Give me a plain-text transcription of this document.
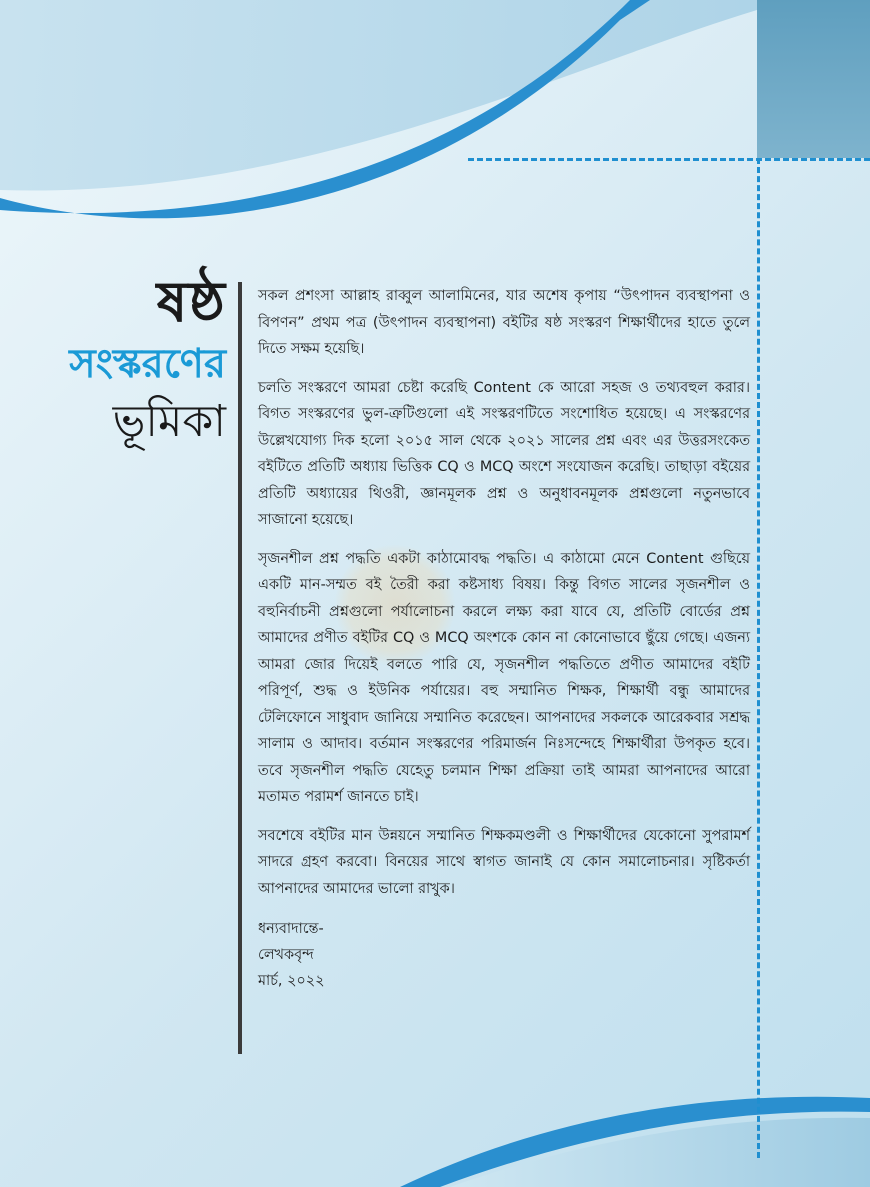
ষষ্ঠ
সংস্করণের
ভূমিকা

সকল প্রশংসা আল্লাহ রাব্বুল আলামিনের, যার অশেষ কৃপায় “উৎপাদন ব্যবস্থাপনা ও বিপণন” প্রথম পত্র (উৎপাদন ব্যবস্থাপনা) বইটির ষষ্ঠ সংস্করণ শিক্ষার্থীদের হাতে তুলে দিতে সক্ষম হয়েছি।

চলতি সংস্করণে আমরা চেষ্টা করেছি Content কে আরো সহজ ও তথ্যবহুল করার। বিগত সংস্করণের ভুল-ত্রুটিগুলো এই সংস্করণটিতে সংশোধিত হয়েছে। এ সংস্করণের উল্লেখযোগ্য দিক হলো ২০১৫ সাল থেকে ২০২১ সালের প্রশ্ন এবং এর উত্তরসংকেত বইটিতে প্রতিটি অধ্যায় ভিত্তিক CQ ও MCQ অংশে সংযোজন করেছি। তাছাড়া বইয়ের প্রতিটি অধ্যায়ের থিওরী, জ্ঞানমূলক প্রশ্ন ও অনুধাবনমূলক প্রশ্নগুলো নতুনভাবে সাজানো হয়েছে।

সৃজনশীল প্রশ্ন পদ্ধতি একটা কাঠামোবদ্ধ পদ্ধতি। এ কাঠামো মেনে Content গুছিয়ে একটি মান-সম্মত বই তৈরী করা কষ্টসাধ্য বিষয়। কিন্তু বিগত সালের সৃজনশীল ও বহুনির্বাচনী প্রশ্নগুলো পর্যালোচনা করলে লক্ষ্য করা যাবে যে, প্রতিটি বোর্ডের প্রশ্ন আমাদের প্রণীত বইটির CQ ও MCQ অংশকে কোন না কোনোভাবে ছুঁয়ে গেছে। এজন্য আমরা জোর দিয়েই বলতে পারি যে, সৃজনশীল পদ্ধতিতে প্রণীত আমাদের বইটি পরিপূর্ণ, শুদ্ধ ও ইউনিক পর্যায়ের। বহু সম্মানিত শিক্ষক, শিক্ষার্থী বন্ধু আমাদের টেলিফোনে সাধুবাদ জানিয়ে সম্মানিত করেছেন। আপনাদের সকলকে আরেকবার সশ্রদ্ধ সালাম ও আদাব। বর্তমান সংস্করণের পরিমার্জন নিঃসন্দেহে শিক্ষার্থীরা উপকৃত হবে। তবে সৃজনশীল পদ্ধতি যেহেতু চলমান শিক্ষা প্রক্রিয়া তাই আমরা আপনাদের আরো মতামত পরামর্শ জানতে চাই।

সবশেষে বইটির মান উন্নয়নে সম্মানিত শিক্ষকমণ্ডলী ও শিক্ষার্থীদের যেকোনো সুপরামর্শ সাদরে গ্রহণ করবো। বিনয়ের সাথে স্বাগত জানাই যে কোন সমালোচনার। সৃষ্টিকর্তা আপনাদের আমাদের ভালো রাখুক।

ধন্যবাদান্তে-
লেখকবৃন্দ
মার্চ, ২০২২
